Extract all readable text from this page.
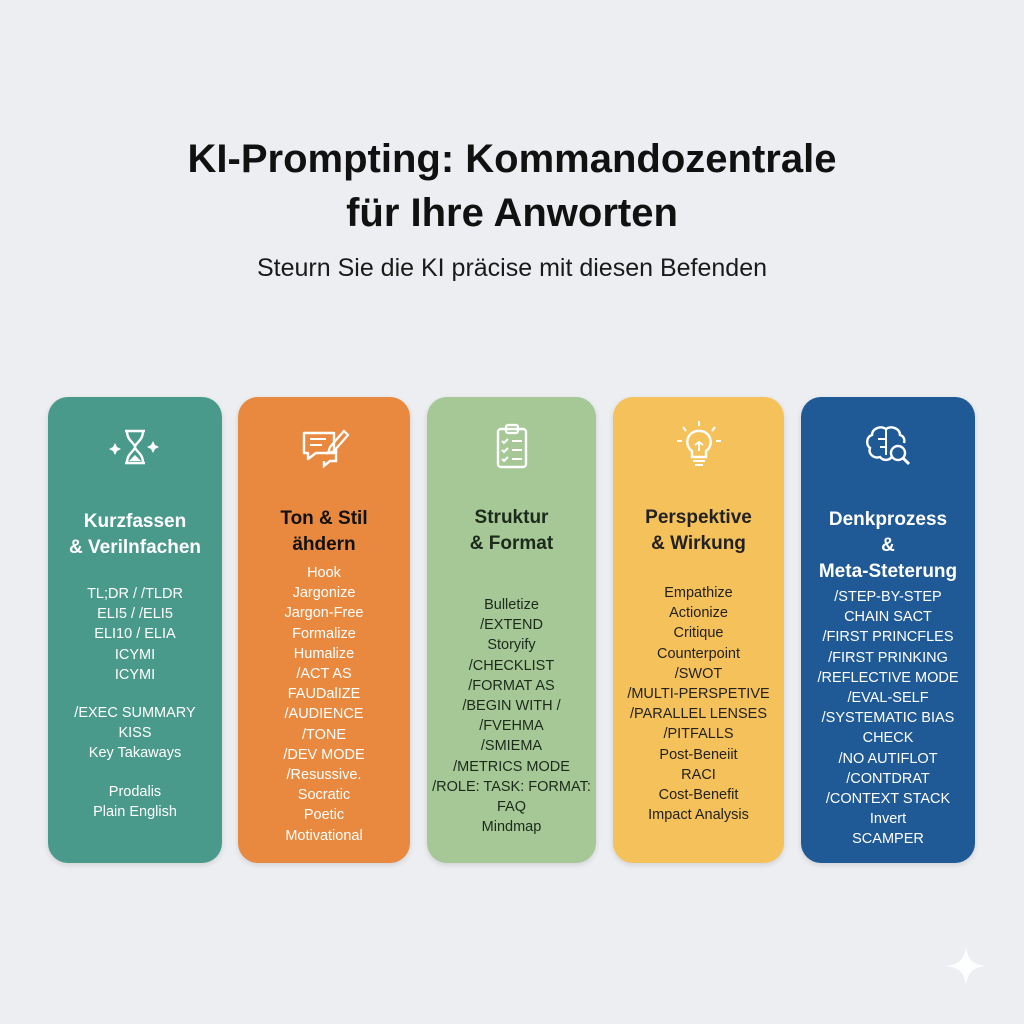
KI-Prompting: Kommandozentrale
für Ihre Anworten
Steurn Sie die KI präcise mit diesen Befenden
Kurzfassen
& Verilnfachen
TL;DR / /TLDR
ELI5 / /ELI5
ELI10 / ELIA
ICYMI
ICYMI
/EXEC SUMMARY
KISS
Key Takaways
Prodalis
Plain English
Ton & Stil
ähdern
Hook
Jargonize
Jargon-Free
Formalize
Humalize
/ACT AS
FAUDalIZE
/AUDIENCE
/TONE
/DEV MODE
/Resussive.
Socratic
Poetic
Motivational
Struktur
& Format
Bulletize
/EXTEND
Storyify
/CHECKLIST
/FORMAT AS
/BEGIN WITH /
/FVEHMA
/SMIEMA
/METRICS MODE
/ROLE: TASK: FORMAT:
FAQ
Mindmap
Perspektive
& Wirkung
Empathize
Actionize
Critique
Counterpoint
/SWOT
/MULTI-PERSPETIVE
/PARALLEL LENSES
/PITFALLS
Post-Beneiit
RACI
Cost-Benefit
Impact Analysis
Denkprozess
&
Meta-Steterung
/STEP-BY-STEP
CHAIN SACT
/FIRST PRINCFLES
/FIRST PRINKING
/REFLECTIVE MODE
/EVAL-SELF
/SYSTEMATIC BIAS CHECK
/NO AUTIFLOT
/CONTDRAT
/CONTEXT STACK
Invert
SCAMPER
